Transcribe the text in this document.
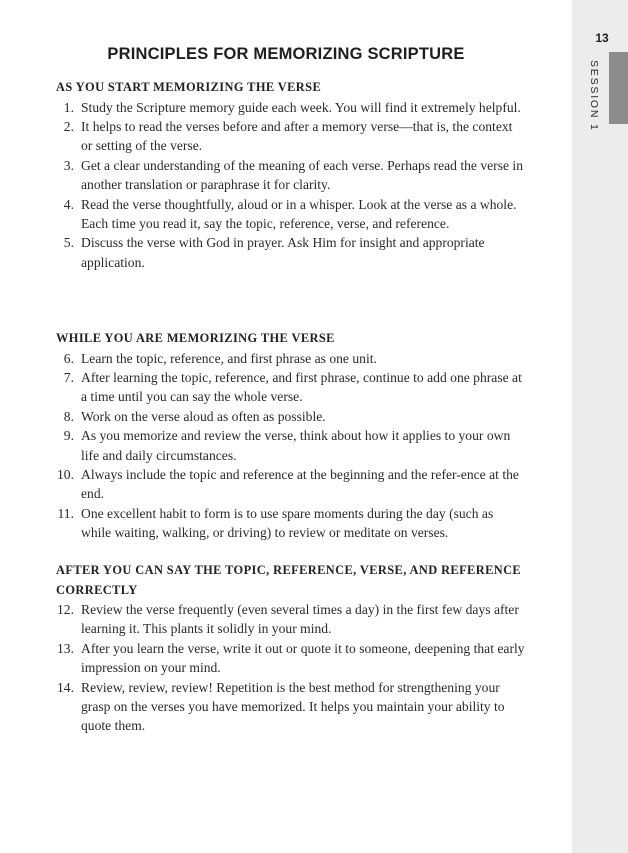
13
SESSION 1
PRINCIPLES FOR MEMORIZING SCRIPTURE
AS YOU START MEMORIZING THE VERSE
1. Study the Scripture memory guide each week. You will find it extremely helpful.
2. It helps to read the verses before and after a memory verse—that is, the context or setting of the verse.
3. Get a clear understanding of the meaning of each verse. Perhaps read the verse in another translation or paraphrase it for clarity.
4. Read the verse thoughtfully, aloud or in a whisper. Look at the verse as a whole. Each time you read it, say the topic, reference, verse, and reference.
5. Discuss the verse with God in prayer. Ask Him for insight and appropriate application.
WHILE YOU ARE MEMORIZING THE VERSE
6. Learn the topic, reference, and first phrase as one unit.
7. After learning the topic, reference, and first phrase, continue to add one phrase at a time until you can say the whole verse.
8. Work on the verse aloud as often as possible.
9. As you memorize and review the verse, think about how it applies to your own life and daily circumstances.
10. Always include the topic and reference at the beginning and the refer-ence at the end.
11. One excellent habit to form is to use spare moments during the day (such as while waiting, walking, or driving) to review or meditate on verses.
AFTER YOU CAN SAY THE TOPIC, REFERENCE, VERSE, AND REFERENCE CORRECTLY
12. Review the verse frequently (even several times a day) in the first few days after learning it. This plants it solidly in your mind.
13. After you learn the verse, write it out or quote it to someone, deepening that early impression on your mind.
14. Review, review, review! Repetition is the best method for strengthening your grasp on the verses you have memorized. It helps you maintain your ability to quote them.
